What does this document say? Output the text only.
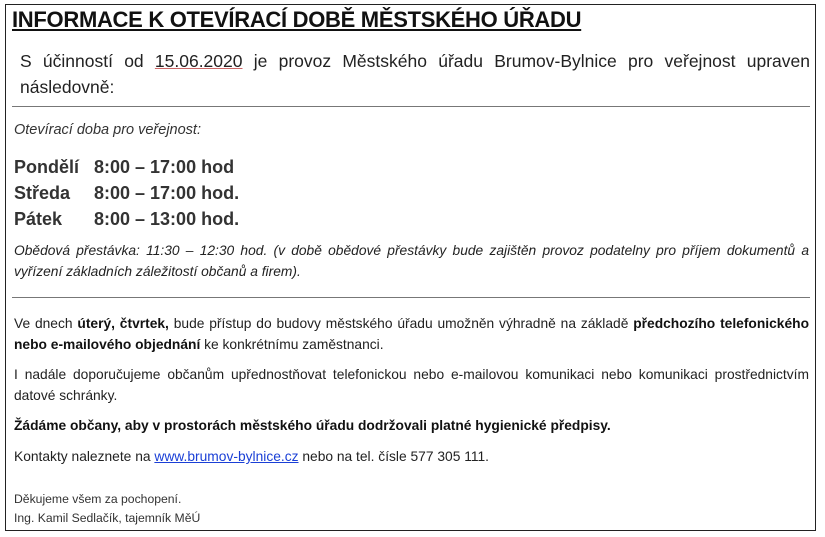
INFORMACE K OTEVÍRACÍ DOBĚ MĚSTSKÉHO ÚŘADU

S účinností od 15.06.2020 je provoz Městského úřadu Brumov-Bylnice pro veřejnost upraven následovně:

Otevírací doba pro veřejnost:

Pondělí 8:00 – 17:00 hod
Středa	8:00 – 17:00 hod.
Pátek	8:00 – 13:00 hod.

Obědová přestávka: 11:30 – 12:30 hod. (v době obědové přestávky bude zajištěn provoz podatelny pro příjem dokumentů a vyřízení základních záležitostí občanů a firem).

Ve dnech úterý, čtvrtek, bude přístup do budovy městského úřadu umožněn výhradně na základě předchozího telefonického nebo e-mailového objednání ke konkrétnímu zaměstnanci.

I nadále doporučujeme občanům upřednostňovat telefonickou nebo e-mailovou komunikaci nebo komunikaci prostřednictvím datové schránky.

Žádáme občany, aby v prostorách městského úřadu dodržovali platné hygienické předpisy.

Kontakty naleznete na www.brumov-bylnice.cz nebo na tel. čísle 577 305 111.

Děkujeme všem za pochopení.
Ing. Kamil Sedlačík, tajemník MěÚ
